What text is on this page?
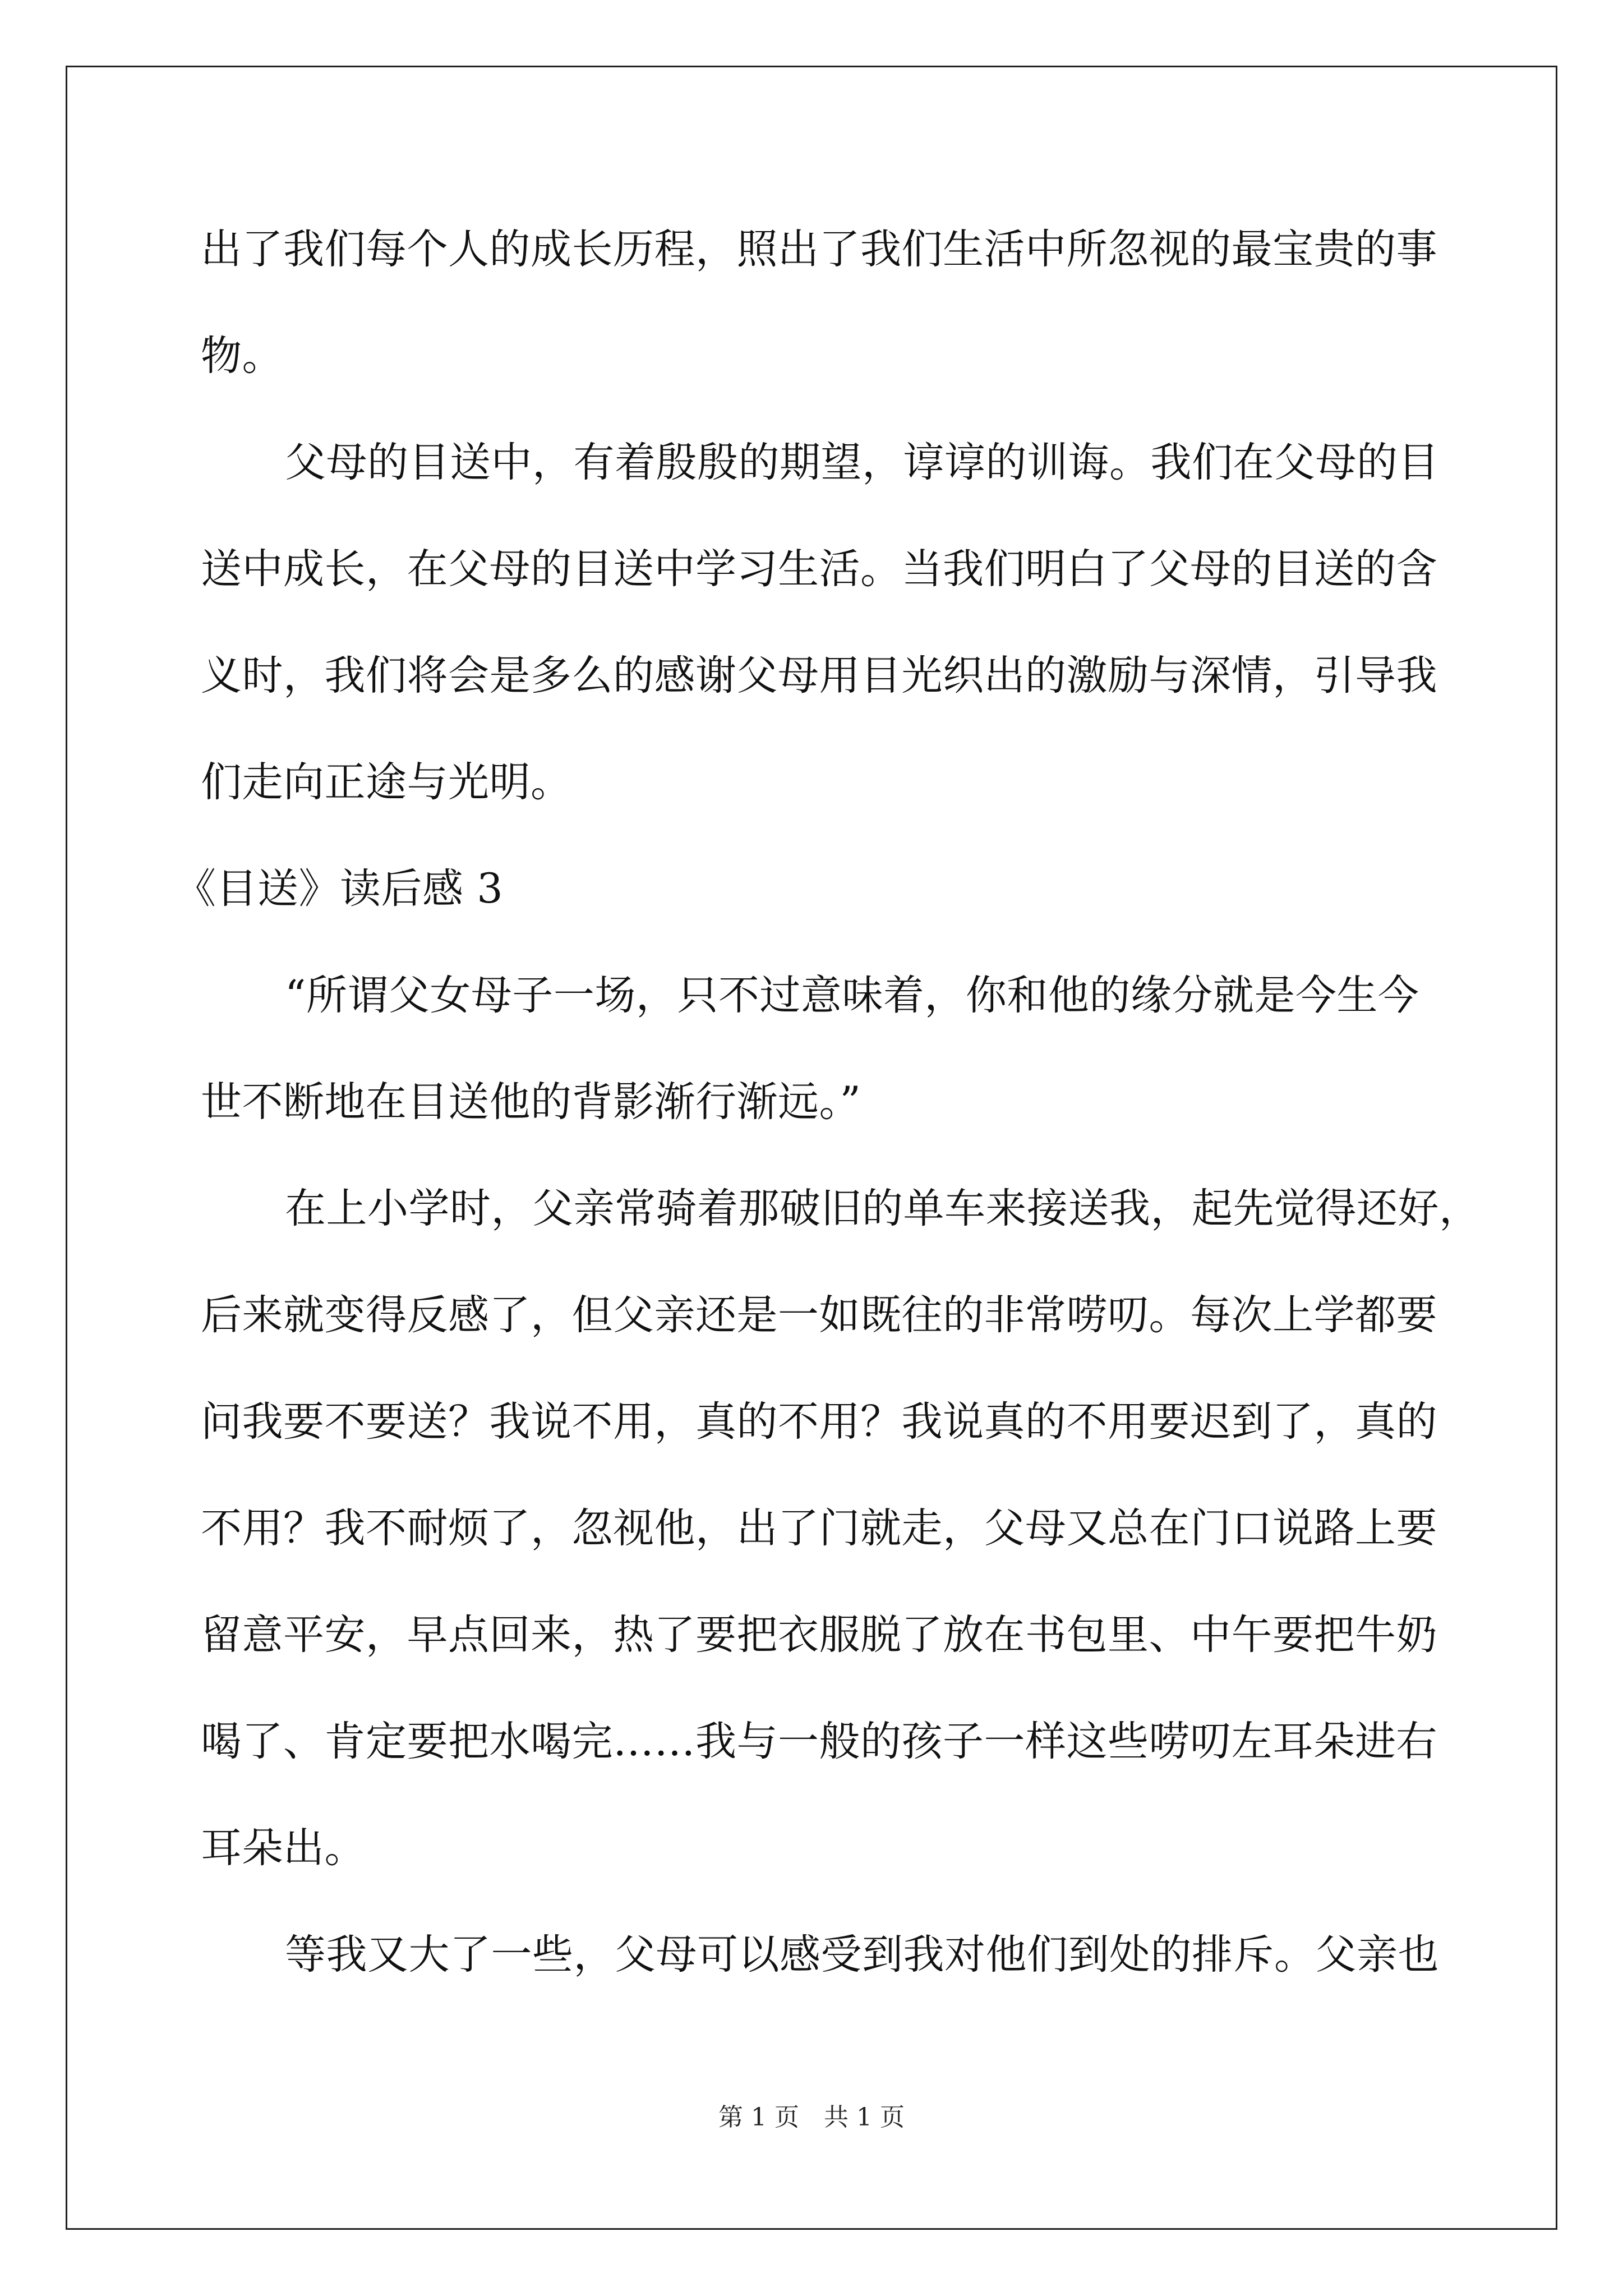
出了我们每个人的成长历程，照出了我们生活中所忽视的最宝贵的事
物。
父母的目送中，有着殷殷的期望，谆谆的训诲。我们在父母的目
送中成长，在父母的目送中学习生活。当我们明白了父母的目送的含
义时，我们将会是多么的感谢父母用目光织出的激励与深情，引导我
们走向正途与光明。
《目送》读后感 3
“所谓父女母子一场，只不过意味着，你和他的缘分就是今生今
世不断地在目送他的背影渐行渐远。”
在上小学时，父亲常骑着那破旧的单车来接送我，起先觉得还好，
后来就变得反感了，但父亲还是一如既往的非常唠叨。每次上学都要
问我要不要送？我说不用，真的不用？我说真的不用要迟到了，真的
不用？我不耐烦了，忽视他，出了门就走，父母又总在门口说路上要
留意平安，早点回来，热了要把衣服脱了放在书包里、中午要把牛奶
喝了、肯定要把水喝完……我与一般的孩子一样这些唠叨左耳朵进右
耳朵出。
等我又大了一些，父母可以感受到我对他们到处的排斥。父亲也
第 1 页　共 1 页
